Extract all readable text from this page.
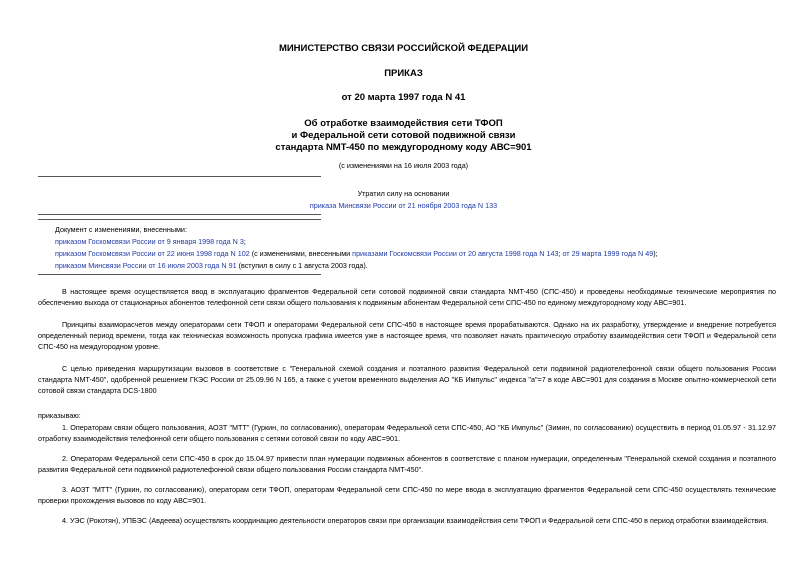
МИНИСТЕРСТВО СВЯЗИ РОССИЙСКОЙ ФЕДЕРАЦИИ
ПРИКАЗ
от 20 марта 1997 года N 41
Об отработке взаимодействия сети ТФОП
и Федеральной сети сотовой подвижной связи
стандарта NMT-450 по междугородному коду АВС=901
(с изменениями на 16 июля 2003 года)
Утратил силу на основании
приказа Минсвязи России от 21 ноября 2003 года N 133
Документ с изменениями, внесенными:
приказом Госкомсвязи России от 9 января 1998 года N 3;
приказом Госкомсвязи России от 22 июня 1998 года N 102 (с изменениями, внесенными приказами Госкомсвязи России от 20 августа 1998 года N 143; от 29 марта 1999 года N 49);
приказом Минсвязи России от 16 июля 2003 года N 91 (вступил в силу с 1 августа 2003 года).
В настоящее время осуществляется ввод в эксплуатацию фрагментов Федеральной сети сотовой подвижной связи стандарта NMT-450 (СПС-450) и проведены необходимые технические мероприятия по обеспечению выхода от стационарных абонентов телефонной сети связи общего пользования к подвижным абонентам Федеральной сети СПС-450 по единому междугородному коду АВС=901.
Принципы взаиморасчетов между операторами сети ТФОП и операторами Федеральной сети СПС-450 в настоящее время прорабатываются. Однако на их разработку, утверждение и внедрение потребуется определенный период времени, тогда как техническая возможность пропуска графика имеется уже в настоящее время, что позволяет начать практическую отработку взаимодействия сети ТФОП и Федеральной сети СПС-450 на междугородном уровне.
С целью приведения маршрутизации вызовов в соответствие с "Генеральной схемой создания и поэтапного развития Федеральной сети подвижной радиотелефонной связи общего пользования России стандарта NMT-450", одобренной решением ГКЭС России от 25.09.96 N 165, а также с учетом временного выделения АО "КБ Импульс" индекса "а"=7 в коде АВС=901 для создания в Москве опытно-коммерческой сети сотовой связи стандарта DCS-1800
приказываю:
1. Операторам связи общего пользования, АОЗТ "МТТ" (Гуркин, по согласованию), операторам Федеральной сети СПС-450, АО "КБ Импульс" (Зимин, по согласованию) осуществить в период 01.05.97 - 31.12.97 отработку взаимодействия телефонной сети общего пользования с сетями сотовой связи по коду АВС=901.
2. Операторам Федеральной сети СПС-450 в срок до 15.04.97 привести план нумерации подвижных абонентов в соответствие с планом нумерации, определенным "Генеральной схемой создания и поэтапного развития Федеральной сети подвижной радиотелефонной связи общего пользования России стандарта NMT-450".
3. АОЗТ "МТТ" (Гуркин, по согласованию), операторам сети ТФОП, операторам Федеральной сети СПС-450 по мере ввода в эксплуатацию фрагментов Федеральной сети СПС-450 осуществлять технические проверки прохождения вызовов по коду АВС=901.
4. УЭС (Рокотян), УПБЭС (Авдеева) осуществлять координацию деятельности операторов связи при организации взаимодействия сети ТФОП и Федеральной сети СПС-450 в период отработки взаимодействия.
